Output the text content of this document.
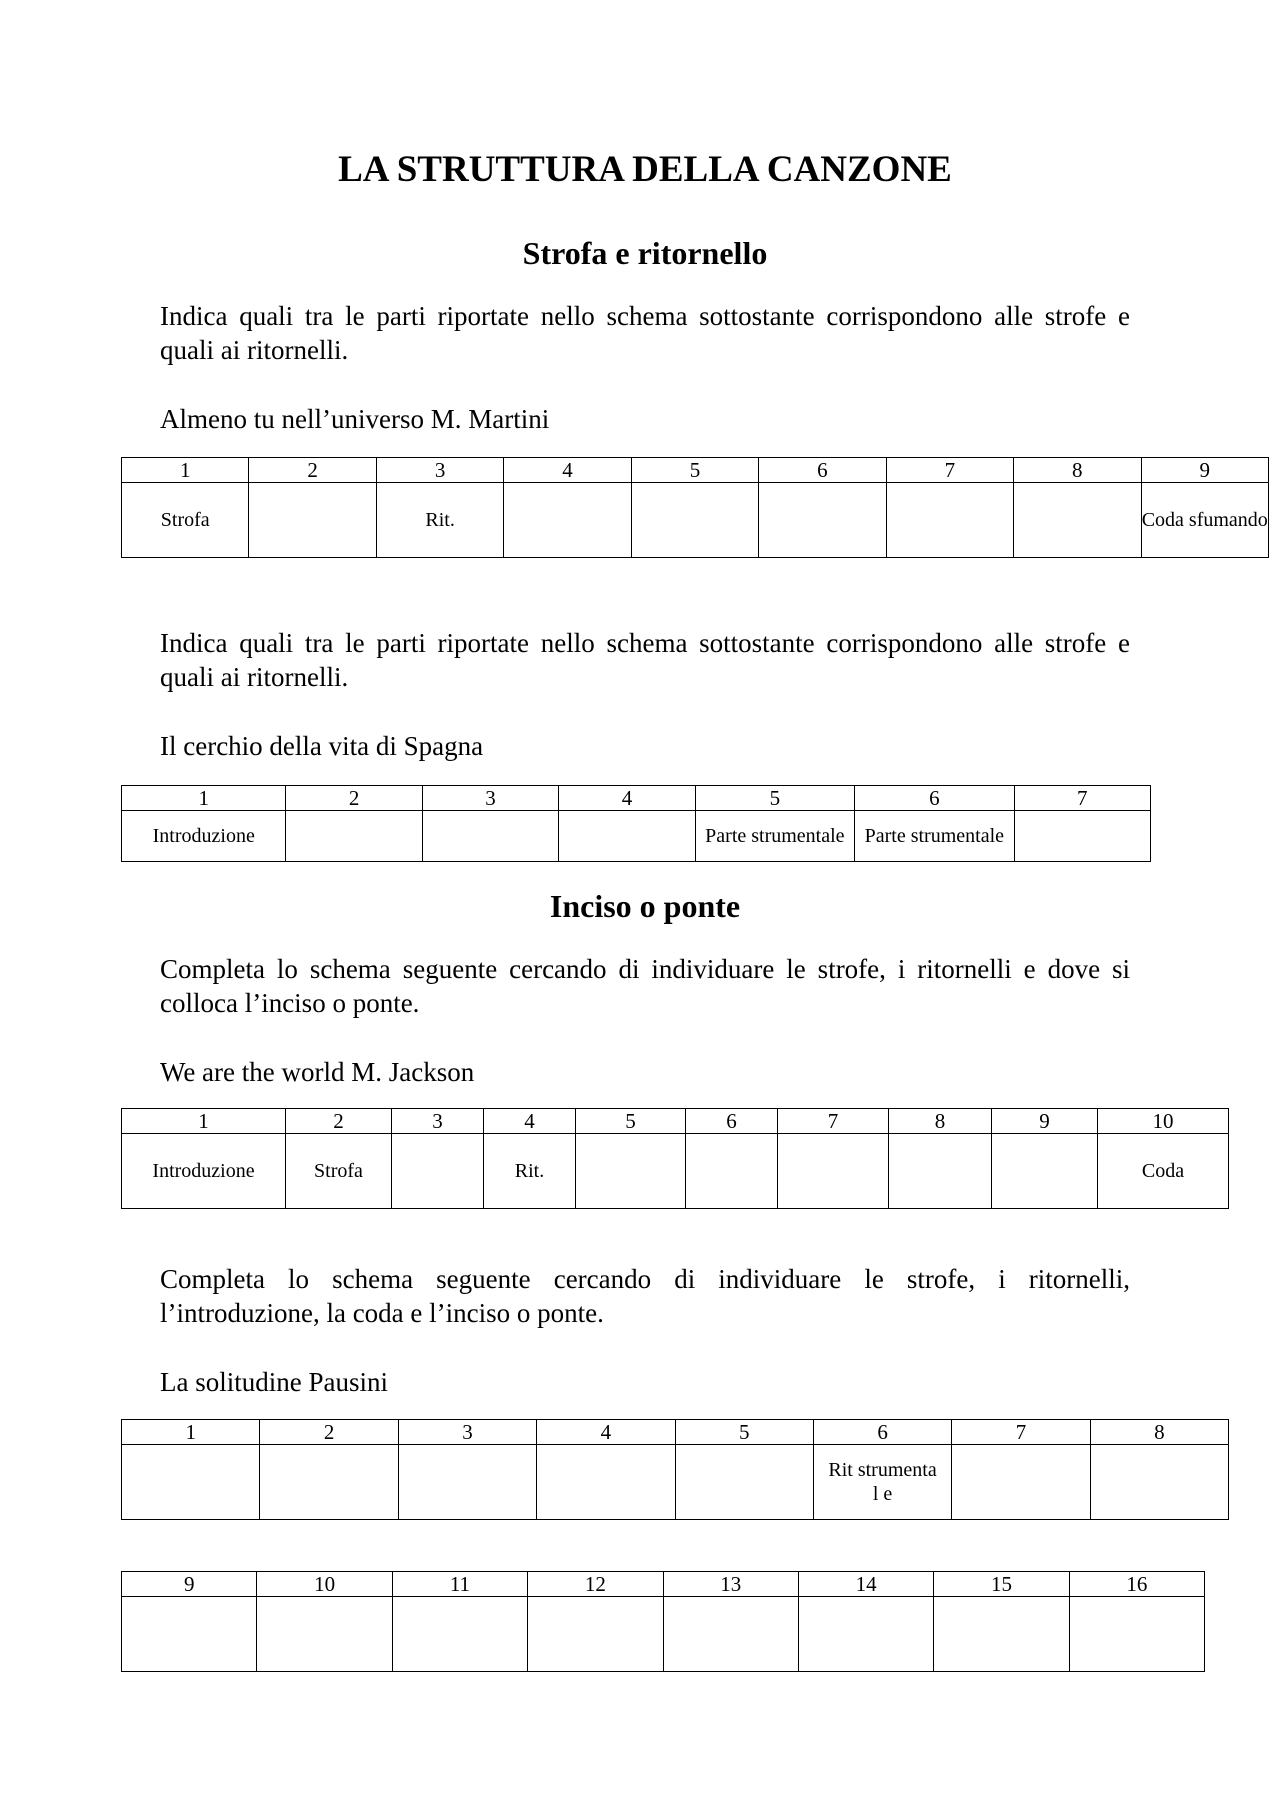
LA STRUTTURA DELLA CANZONE
Strofa e ritornello
Indica quali tra le parti riportate nello schema sottostante corrispondono alle strofe e quali ai ritornelli.
Almeno tu nell’universo M. Martini
1	2	3	4	5	6	7	8	9
Strofa		Rit.						Coda sfumando
Indica quali tra le parti riportate nello schema sottostante corrispondono alle strofe e quali ai ritornelli.
Il cerchio della vita di Spagna
1	2	3	4	5	6	7
Introduzione				Parte strumentale	Parte strumentale	
Inciso o ponte
Completa lo schema seguente cercando di individuare le strofe, i ritornelli e dove si colloca l’inciso o ponte.
We are the world M. Jackson
1	2	3	4	5	6	7	8	9	10
Introduzione	Strofa		Rit.						Coda
Completa lo schema seguente cercando di individuare le strofe, i ritornelli, l’introduzione, la coda e l’inciso o ponte.
La solitudine Pausini
1	2	3	4	5	6	7	8
					Rit strumental e		
9	10	11	12	13	14	15	16
